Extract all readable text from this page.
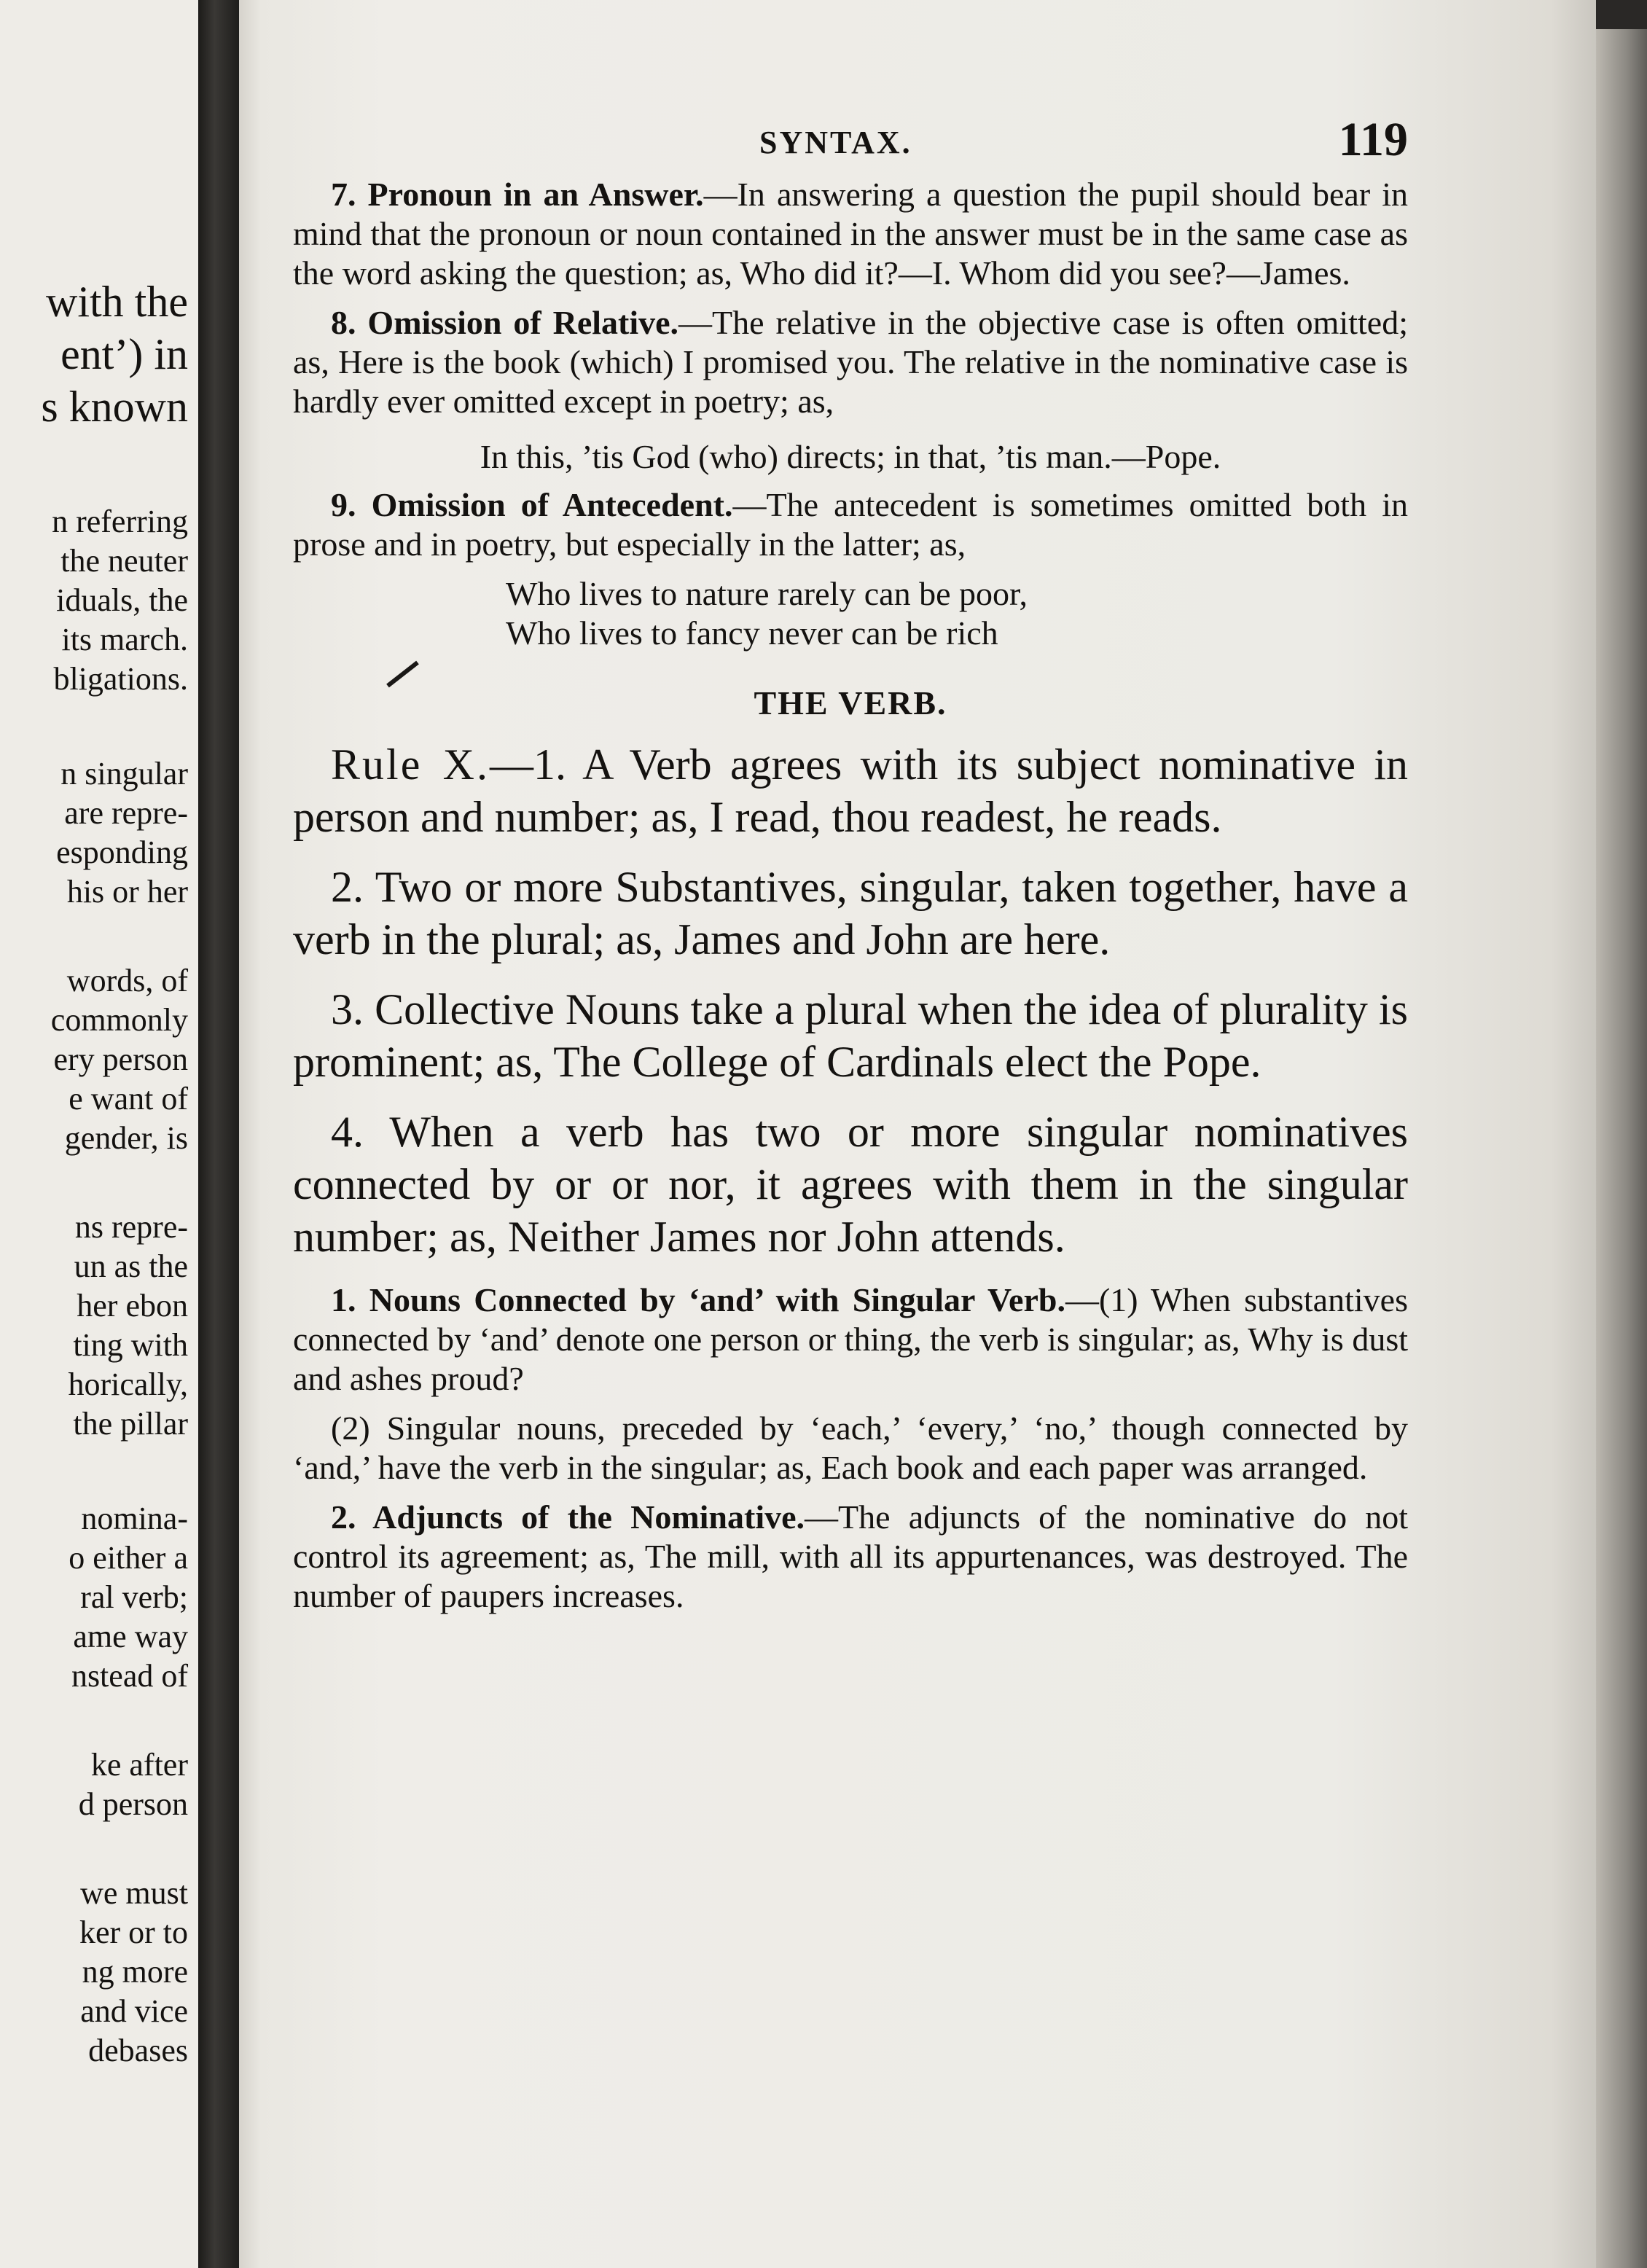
with the
ent’) in
s known
n referring
the neuter
iduals, the
its march.
bligations.
n singular
are repre-
esponding
his or her
words, of
commonly
ery person
e want of
gender, is
ns repre-
un as the
her ebon
ting with
horically,
the pillar
nomina-
o either a
ral verb;
ame way
nstead of
ke after
d person
we must
ker or to
ng more
and vice
debases
SYNTAX.	119

7. Pronoun in an Answer.—In answering a question the pupil should bear in mind that the pronoun or noun contained in the answer must be in the same case as the word asking the question; as, Who did it?—I. Whom did you see?—James.

8. Omission of Relative.—The relative in the objective case is often omitted; as, Here is the book (which) I promised you. The relative in the nominative case is hardly ever omitted except in poetry; as,

In this, ’tis God (who) directs; in that, ’tis man.—Pope.

9. Omission of Antecedent.—The antecedent is sometimes omitted both in prose and in poetry, but especially in the latter; as,

Who lives to nature rarely can be poor,
Who lives to fancy never can be rich
THE VERB.

Rule X.—1. A Verb agrees with its subject nominative in person and number; as, I read, thou readest, he reads.

2. Two or more Substantives, singular, taken together, have a verb in the plural; as, James and John are here.

3. Collective Nouns take a plural when the idea of plurality is prominent; as, The College of Cardinals elect the Pope.

4. When a verb has two or more singular nominatives connected by or or nor, it agrees with them in the singular number; as, Neither James nor John attends.

1. Nouns Connected by ‘and’ with Singular Verb.—(1) When substantives connected by ‘and’ denote one person or thing, the verb is singular; as, Why is dust and ashes proud?

(2) Singular nouns, preceded by ‘each,’ ‘every,’ ‘no,’ though connected by ‘and,’ have the verb in the singular; as, Each book and each paper was arranged.

2. Adjuncts of the Nominative.—The adjuncts of the nominative do not control its agreement; as, The mill, with all its appurtenances, was destroyed. The number of paupers increases.
